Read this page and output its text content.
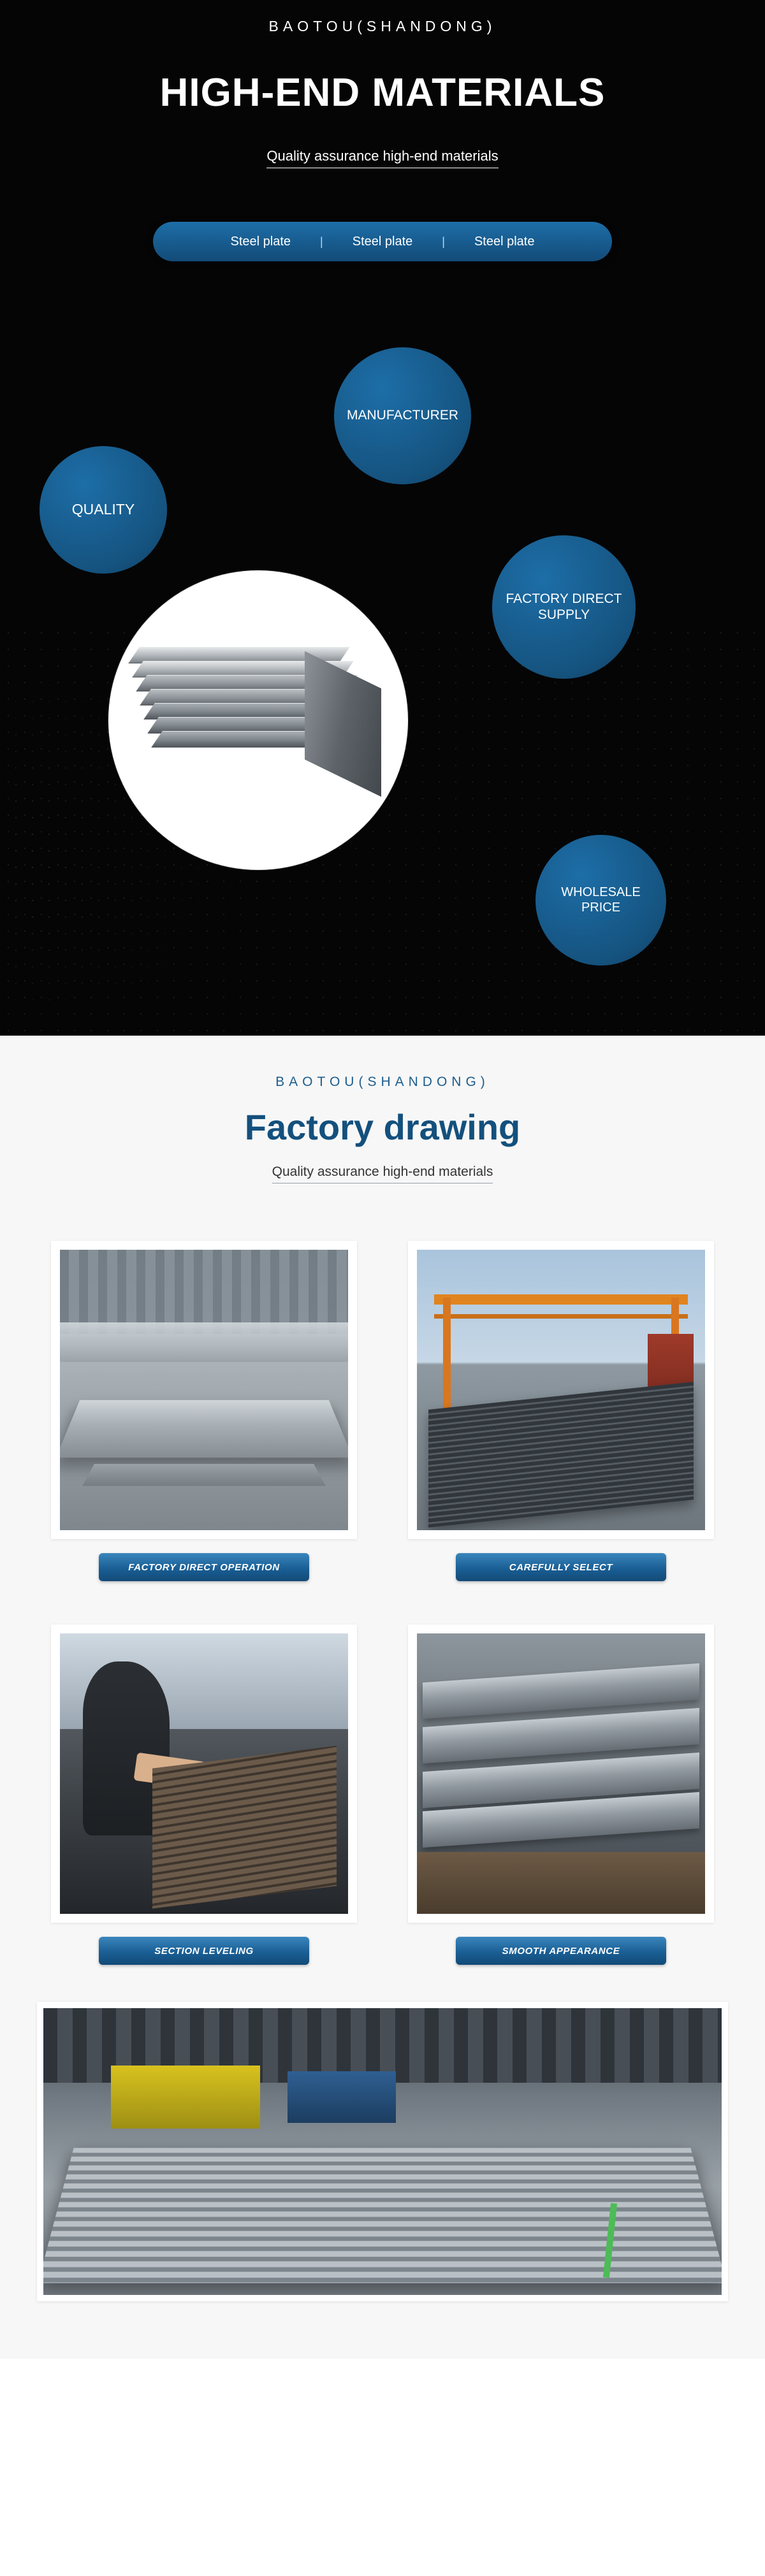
BAOTOU(SHANDONG)
HIGH-END MATERIALS
Quality assurance high-end materials
Steel plate	|	Steel plate	|	Steel plate
MANUFACTURER
QUALITY
FACTORY DIRECT SUPPLY
WHOLESALE PRICE
BAOTOU(SHANDONG)
Factory drawing
Quality assurance high-end materials
FACTORY DIRECT OPERATION	CAREFULLY SELECT
SECTION LEVELING	SMOOTH APPEARANCE
